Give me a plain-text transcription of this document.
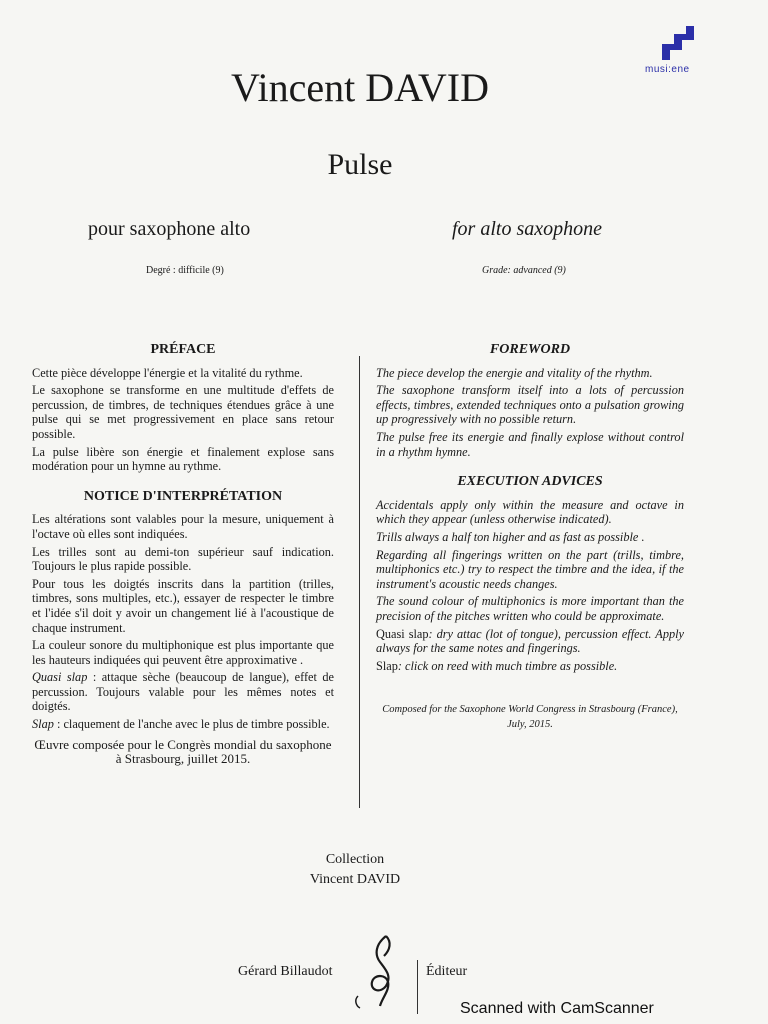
musi:ene
Vincent DAVID
Pulse
pour saxophone alto	for alto saxophone
Degré : difficile (9)	Grade: advanced (9)
PRÉFACE

Cette pièce développe l'énergie et la vitalité du rythme.

Le saxophone se transforme en une multitude d'effets de percussion, de timbres, de techniques étendues grâce à une pulse qui se met progressivement en place sans retour possible.

La pulse libère son énergie et finalement explose sans modération pour un hymne au rythme.

NOTICE D'INTERPRÉTATION

Les altérations sont valables pour la mesure, uniquement à l'octave où elles sont indiquées.

Les trilles sont au demi-ton supérieur sauf indication. Toujours le plus rapide possible.

Pour tous les doigtés inscrits dans la partition (trilles, timbres, sons multiples, etc.), essayer de respecter le timbre et l'idée s'il doit y avoir un changement lié à l'acoustique de chaque instrument.

La couleur sonore du multiphonique est plus importante que les hauteurs indiquées qui peuvent être approximative .

Quasi slap : attaque sèche (beaucoup de langue), effet de percussion. Toujours valable pour les mêmes notes et doigtés.

Slap : claquement de l'anche avec le plus de timbre possible.

Œuvre composée pour le Congrès mondial du saxophone à Strasbourg, juillet 2015.

FOREWORD

The piece develop the energie and vitality of the rhythm.

The saxophone transform itself into a lots of percussion effects, timbres, extended techniques onto a pulsation growing up progressively with no possible return.

The pulse free its energie and finally explose without control in a rhythm hymne.

EXECUTION ADVICES

Accidentals apply only within the measure and octave in which they appear (unless otherwise indicated).

Trills always a half ton higher and as fast as possible .

Regarding all fingerings written on the part (trills, timbre, multiphonics etc.) try to respect the timbre and the idea, if the instrument's acoustic needs changes.

The sound colour of multiphonics is more important than the precision of the pitches written who could be approximate.

Quasi slap: dry attac (lot of tongue), percussion effect. Apply always for the same notes and fingerings.

Slap: click on reed with much timbre as possible.

Composed for the Saxophone World Congress in Strasbourg (France), July, 2015.

Collection
Vincent DAVID
Gérard Billaudot	Éditeur
Scanned with CamScanner
